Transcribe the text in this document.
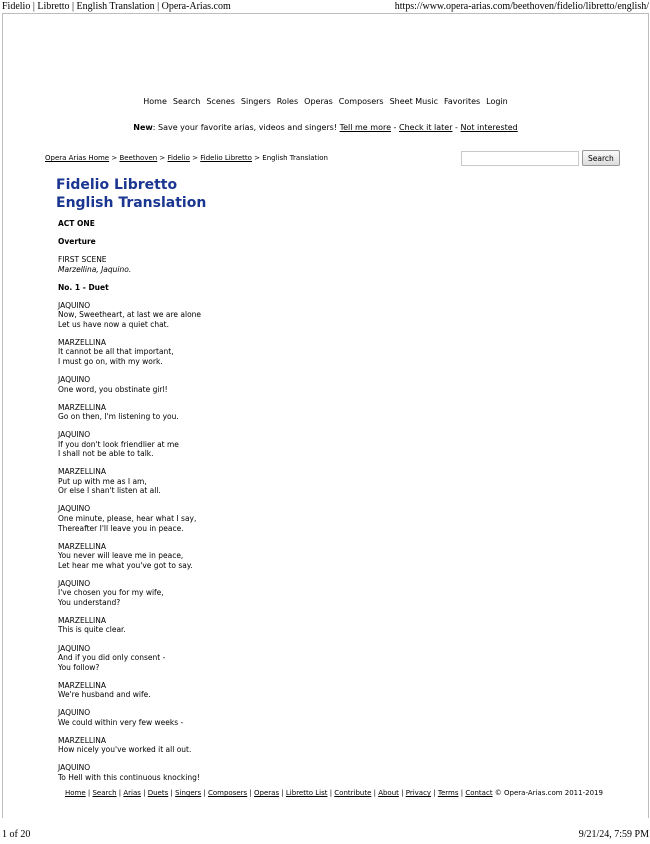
Fidelio | Libretto | English Translation | Opera-Arias.com	https://www.opera-arias.com/beethoven/fidelio/libretto/english/
Home Search Scenes Singers Roles Operas Composers Sheet Music Favorites Login
New: Save your favorite arias, videos and singers! Tell me more - Check it later - Not interested
Opera Arias Home > Beethoven > Fidelio > Fidelio Libretto > English Translation	Search
Fidelio Libretto
English Translation
ACT ONE
Overture
FIRST SCENE
Marzellina, Jaquino.
No. 1 - Duet
JAQUINO
Now, Sweetheart, at last we are alone
Let us have now a quiet chat.
MARZELLINA
It cannot be all that important,
I must go on, with my work.
JAQUINO
One word, you obstinate girl!
MARZELLINA
Go on then, I'm listening to you.
JAQUINO
If you don't look friendlier at me
I shall not be able to talk.
MARZELLINA
Put up with me as I am,
Or else I shan't listen at all.
JAQUINO
One minute, please, hear what I say,
Thereafter I'll leave you in peace.
MARZELLINA
You never will leave me in peace,
Let hear me what you've got to say.
JAQUINO
I've chosen you for my wife,
You understand?
MARZELLINA
This is quite clear.
JAQUINO
And if you did only consent -
You follow?
MARZELLINA
We're husband and wife.
JAQUINO
We could within very few weeks -
MARZELLINA
How nicely you've worked it all out.
JAQUINO
To Hell with this continuous knocking!
Home | Search | Arias | Duets | Singers | Composers | Operas | Libretto List | Contribute | About | Privacy | Terms | Contact © Opera-Arias.com 2011-2019
1 of 20	9/21/24, 7:59 PM
